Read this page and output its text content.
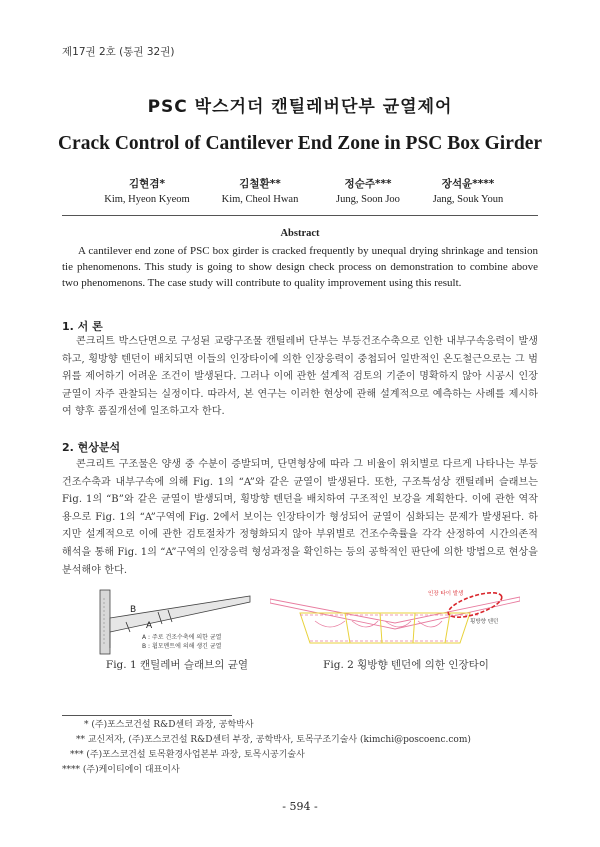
제17권 2호 (통권 32권)
PSC 박스거더 캔틸레버단부 균열제어
Crack Control of Cantilever End Zone in PSC Box Girder
김현겸*
Kim, Hyeon Kyeom
김철환**
Kim, Cheol Hwan
정순주***
Jung, Soon Joo
장석윤****
Jang, Souk Youn
Abstract
A cantilever end zone of PSC box girder is cracked frequently by unequal drying shrinkage and tension tie phenomenons. This study is going to show design check process on demonstration to combine above two phenomenons. The case study will contribute to quality improvement using this result.
1. 서 론
콘크리트 박스단면으로 구성된 교량구조물 캔틸레버 단부는 부등건조수축으로 인한 내부구속응력이 발생하고, 횡방향 텐던이 배치되면 이들의 인장타이에 의한 인장응력이 중첩되어 일반적인 온도철근으로는 그 범위를 제어하기 어려운 조건이 발생된다. 그러나 이에 관한 설계적 검토의 기준이 명확하지 않아 시공시 인장균열이 자주 관찰되는 실정이다. 따라서, 본 연구는 이러한 현상에 관해 설계적으로 예측하는 사례를 제시하여 향후 품질개선에 일조하고자 한다.
2. 현상분석
콘크리트 구조물은 양생 중 수분이 증발되며, 단면형상에 따라 그 비율이 위치별로 다르게 나타나는 부등건조수축과 내부구속에 의해 Fig. 1의 “A”와 같은 균열이 발생된다. 또한, 구조특성상 캔틸레버 슬래브는 Fig. 1의 “B”와 같은 균열이 발생되며, 횡방향 텐던을 배치하여 구조적인 보강을 계획한다. 이에 관한 역작용으로 Fig. 1의 “A”구역에 Fig. 2에서 보이는 인장타이가 형성되어 균열이 심화되는 문제가 발생된다. 하지만 설계적으로 이에 관한 검토절차가 정형화되지 않아 부위별로 건조수축률을 각각 산정하여 시간의존적 해석을 통해 Fig. 1의 “A”구역의 인장응력 형성과정을 확인하는 등의 공학적인 판단에 의한 방법으로 현상을 분석해야 한다.
B
A
A : 주로 건조수축에 의한 균열
B : 휨모멘트에 의해 생긴 균열
Fig. 1 캔틸레버 슬래브의 균열
인장 타이 발생
횡방향 텐던
Fig. 2 횡방향 텐던에 의한 인장타이
* (주)포스코건설 R&D센터 과장, 공학박사
** 교신저자, (주)포스코건설 R&D센터 부장, 공학박사, 토목구조기술사 (kimchi@poscoenc.com)
*** (주)포스코건설 토목환경사업본부 과장, 토목시공기술사
**** (주)케이티에이 대표이사
- 594 -
